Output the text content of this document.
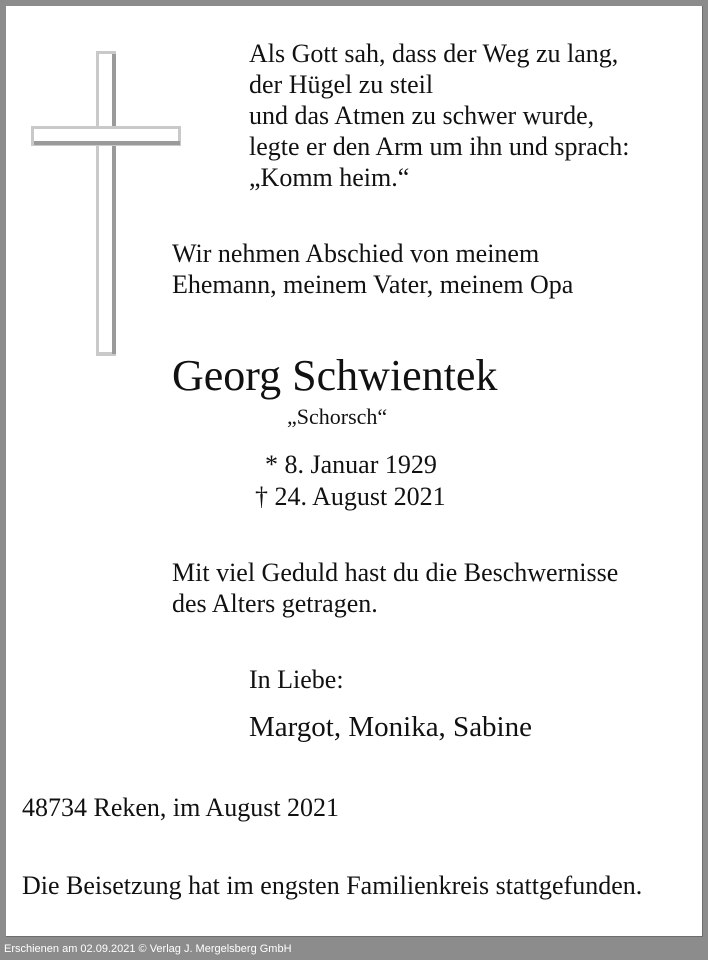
Als Gott sah, dass der Weg zu lang,
der Hügel zu steil
und das Atmen zu schwer wurde,
legte er den Arm um ihn und sprach:
„Komm heim.“
Wir nehmen Abschied von meinem
Ehemann, meinem Vater, meinem Opa
Georg Schwientek
„Schorsch“
* 8. Januar 1929
† 24. August 2021
Mit viel Geduld hast du die Beschwernisse
des Alters getragen.
In Liebe:
Margot, Monika, Sabine
48734 Reken, im August 2021
Die Beisetzung hat im engsten Familienkreis stattgefunden.
Erschienen am 02.09.2021 © Verlag J. Mergelsberg GmbH
